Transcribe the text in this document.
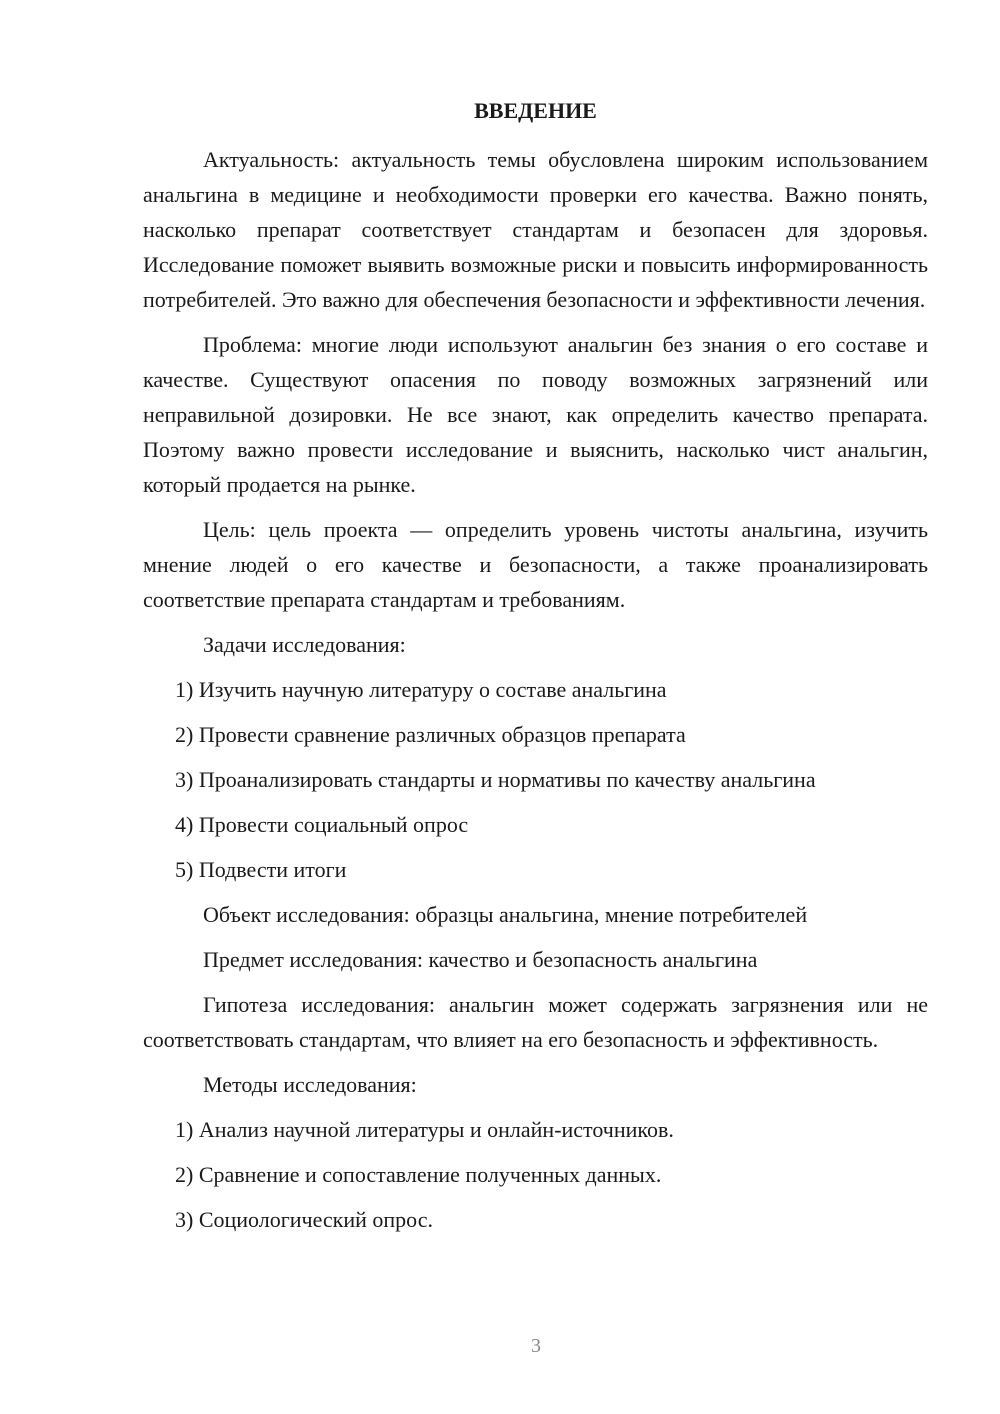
ВВЕДЕНИЕ

Актуальность: актуальность темы обусловлена широким использованием анальгина в медицине и необходимости проверки его качества. Важно понять, насколько препарат соответствует стандартам и безопасен для здоровья. Исследование поможет выявить возможные риски и повысить информированность потребителей. Это важно для обеспечения безопасности и эффективности лечения.

Проблема: многие люди используют анальгин без знания о его составе и качестве. Существуют опасения по поводу возможных загрязнений или неправильной дозировки. Не все знают, как определить качество препарата. Поэтому важно провести исследование и выяснить, насколько чист анальгин, который продается на рынке.

Цель: цель проекта — определить уровень чистоты анальгина, изучить мнение людей о его качестве и безопасности, а также проанализировать соответствие препарата стандартам и требованиям.

Задачи исследования:

1) Изучить научную литературу о составе анальгина
2) Провести сравнение различных образцов препарата
3) Проанализировать стандарты и нормативы по качеству анальгина
4) Провести социальный опрос
5) Подвести итоги

Объект исследования: образцы анальгина, мнение потребителей

Предмет исследования: качество и безопасность анальгина

Гипотеза исследования: анальгин может содержать загрязнения или не соответствовать стандартам, что влияет на его безопасность и эффективность.

Методы исследования:

1) Анализ научной литературы и онлайн-источников.
2) Сравнение и сопоставление полученных данных.
3) Социологический опрос.
3
